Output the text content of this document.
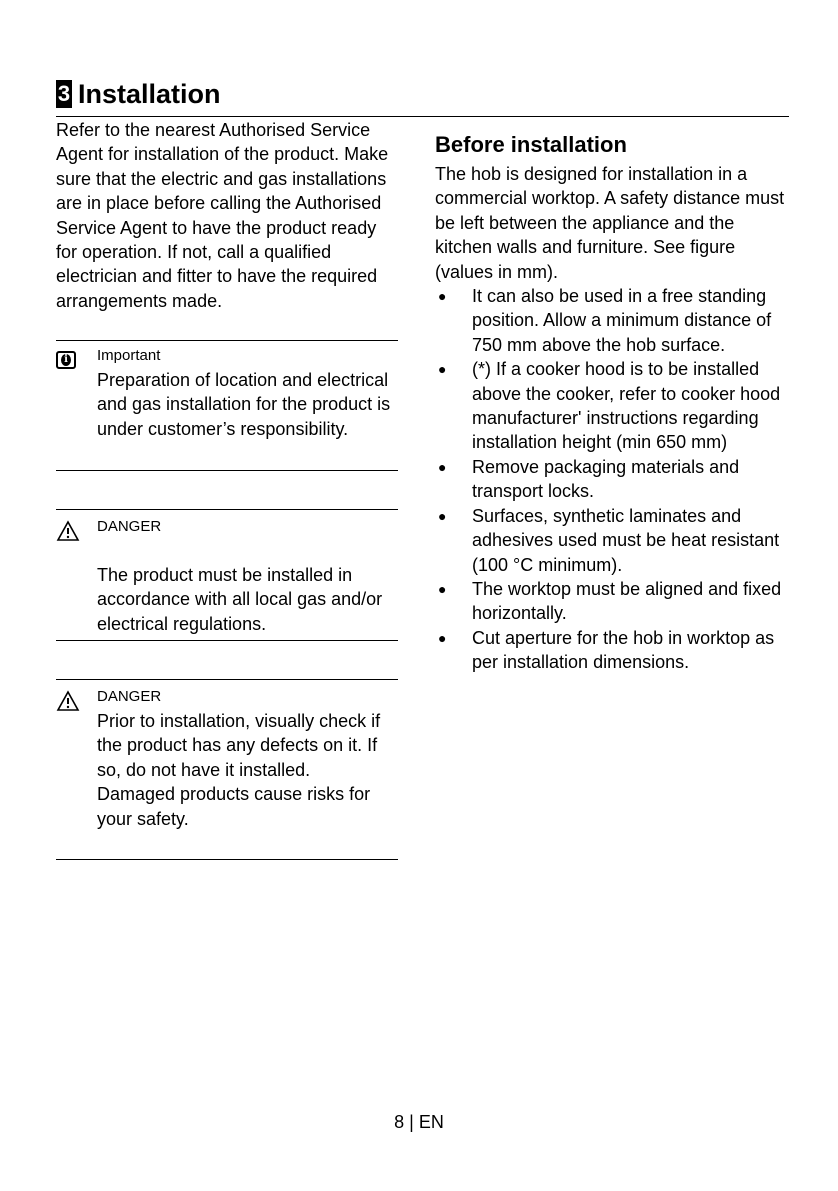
3 Installation
Refer to the nearest Authorised Service Agent for installation of the product. Make sure that the electric and gas installations are in place before calling the Authorised Service Agent to have the product ready for operation. If not, call a qualified electrician and fitter to have the required arrangements made.
i Important
Preparation of location and electrical and gas installation for the product is under customer’s responsibility.
DANGER
The product must be installed in accordance with all local gas and/or electrical regulations.
DANGER
Prior to installation, visually check if the product has any defects on it. If so, do not have it installed.
Damaged products cause risks for your safety.
Before installation
The hob is designed for installation in a commercial worktop. A safety distance must be left between the appliance and the kitchen walls and furniture. See figure (values in mm).
● It can also be used in a free standing position. Allow a minimum distance of 750 mm above the hob surface.
● (*) If a cooker hood is to be installed above the cooker, refer to cooker hood manufacturer' instructions regarding installation height (min 650 mm)
● Remove packaging materials and transport locks.
● Surfaces, synthetic laminates and adhesives used must be heat resistant (100 °C minimum).
● The worktop must be aligned and fixed horizontally.
● Cut aperture for the hob in worktop as per installation dimensions.
8 | EN
